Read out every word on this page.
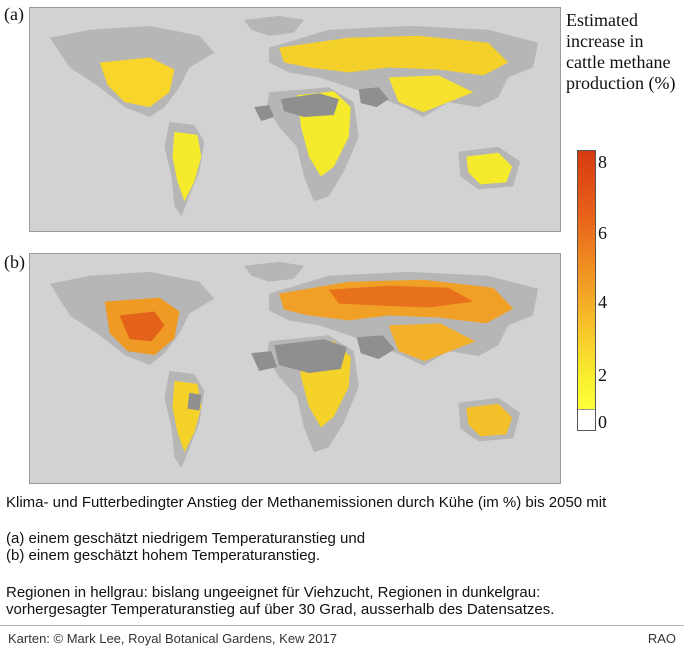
(a)
(b)
Estimated
increase in
cattle methane
production (%)
8
6
4
2
0
Klima- und Futterbedingter Anstieg der Methanemissionen durch Kühe (im %) bis 2050 mit
(a) einem geschätzt niedrigem Temperaturanstieg und
(b) einem geschätzt hohem Temperaturanstieg.
Regionen in hellgrau: bislang ungeeignet für Viehzucht, Regionen in dunkelgrau:
vorhergesagter Temperaturanstieg auf über 30 Grad, ausserhalb des Datensatzes.
Karten: © Mark Lee, Royal Botanical Gardens, Kew 2017	RAO
